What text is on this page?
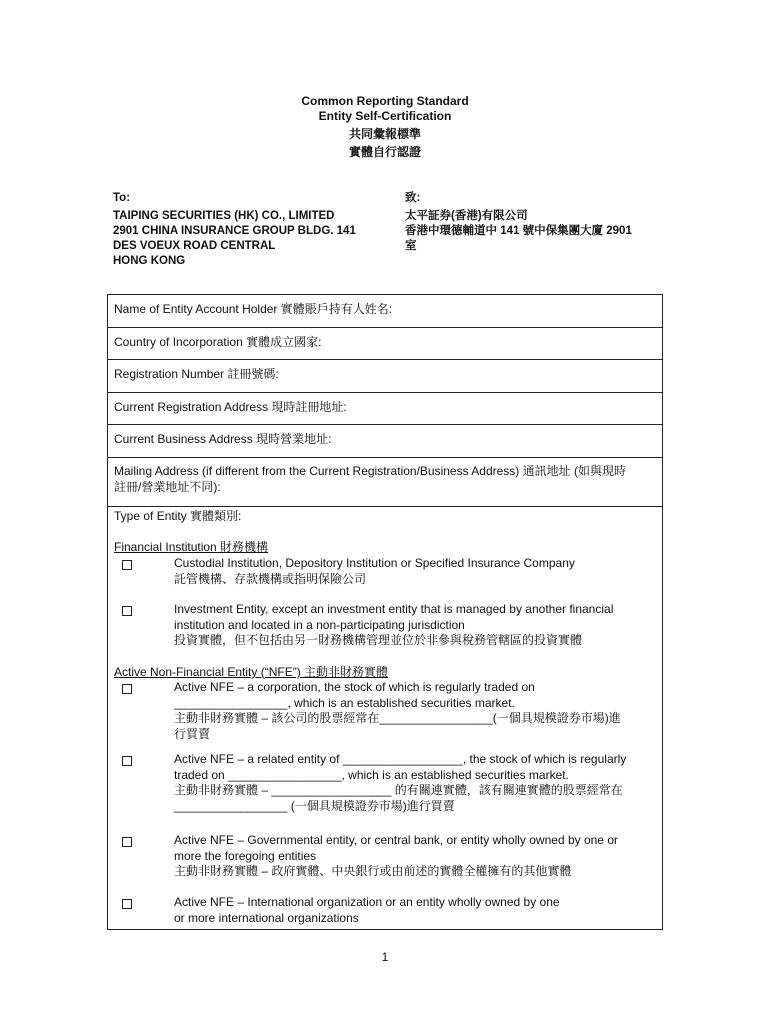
Common Reporting Standard
Entity Self-Certification
共同彙報標準
實體自行認證
To:
TAIPING SECURITIES (HK) CO., LIMITED
2901 CHINA INSURANCE GROUP BLDG. 141
DES VOEUX ROAD CENTRAL
HONG KONG
致:
太平証券(香港)有限公司
香港中環德輔道中 141 號中保集團大廈 2901
室
Name of Entity Account Holder 實體賬戶持有人姓名:
Country of Incorporation 實體成立國家:
Registration Number 註冊號碼:
Current Registration Address 現時註冊地址:
Current Business Address 現時營業地址:
Mailing Address (if different from the Current Registration/Business Address) 通訊地址 (如與現時
註冊/營業地址不同):
Type of Entity 實體類別:
Financial Institution 財務機構
Custodial Institution, Depository Institution or Specified Insurance Company
託管機構、存款機構或指明保險公司
Investment Entity, except an investment entity that is managed by another financial
institution and located in a non-participating jurisdiction
投資實體，但不包括由另一財務機構管理並位於非參與稅務管轄區的投資實體
Active Non-Financial Entity (“NFE”) 主動非財務實體
Active NFE – a corporation, the stock of which is regularly traded on
_________________, which is an established securities market.
主動非財務實體 – 該公司的股票經常在_________________(一個具規模證券市場)進
行買賣
Active NFE – a related entity of __________________, the stock of which is regularly
traded on _________________, which is an established securities market.
主動非財務實體 – __________________ 的有關連實體，該有關連實體的股票經常在
_________________ (一個具規模證券市場)進行買賣
Active NFE – Governmental entity, or central bank, or entity wholly owned by one or
more the foregoing entities
主動非財務實體 – 政府實體、中央銀行或由前述的實體全權擁有的其他實體
Active NFE – International organization or an entity wholly owned by one
or more international organizations
1
